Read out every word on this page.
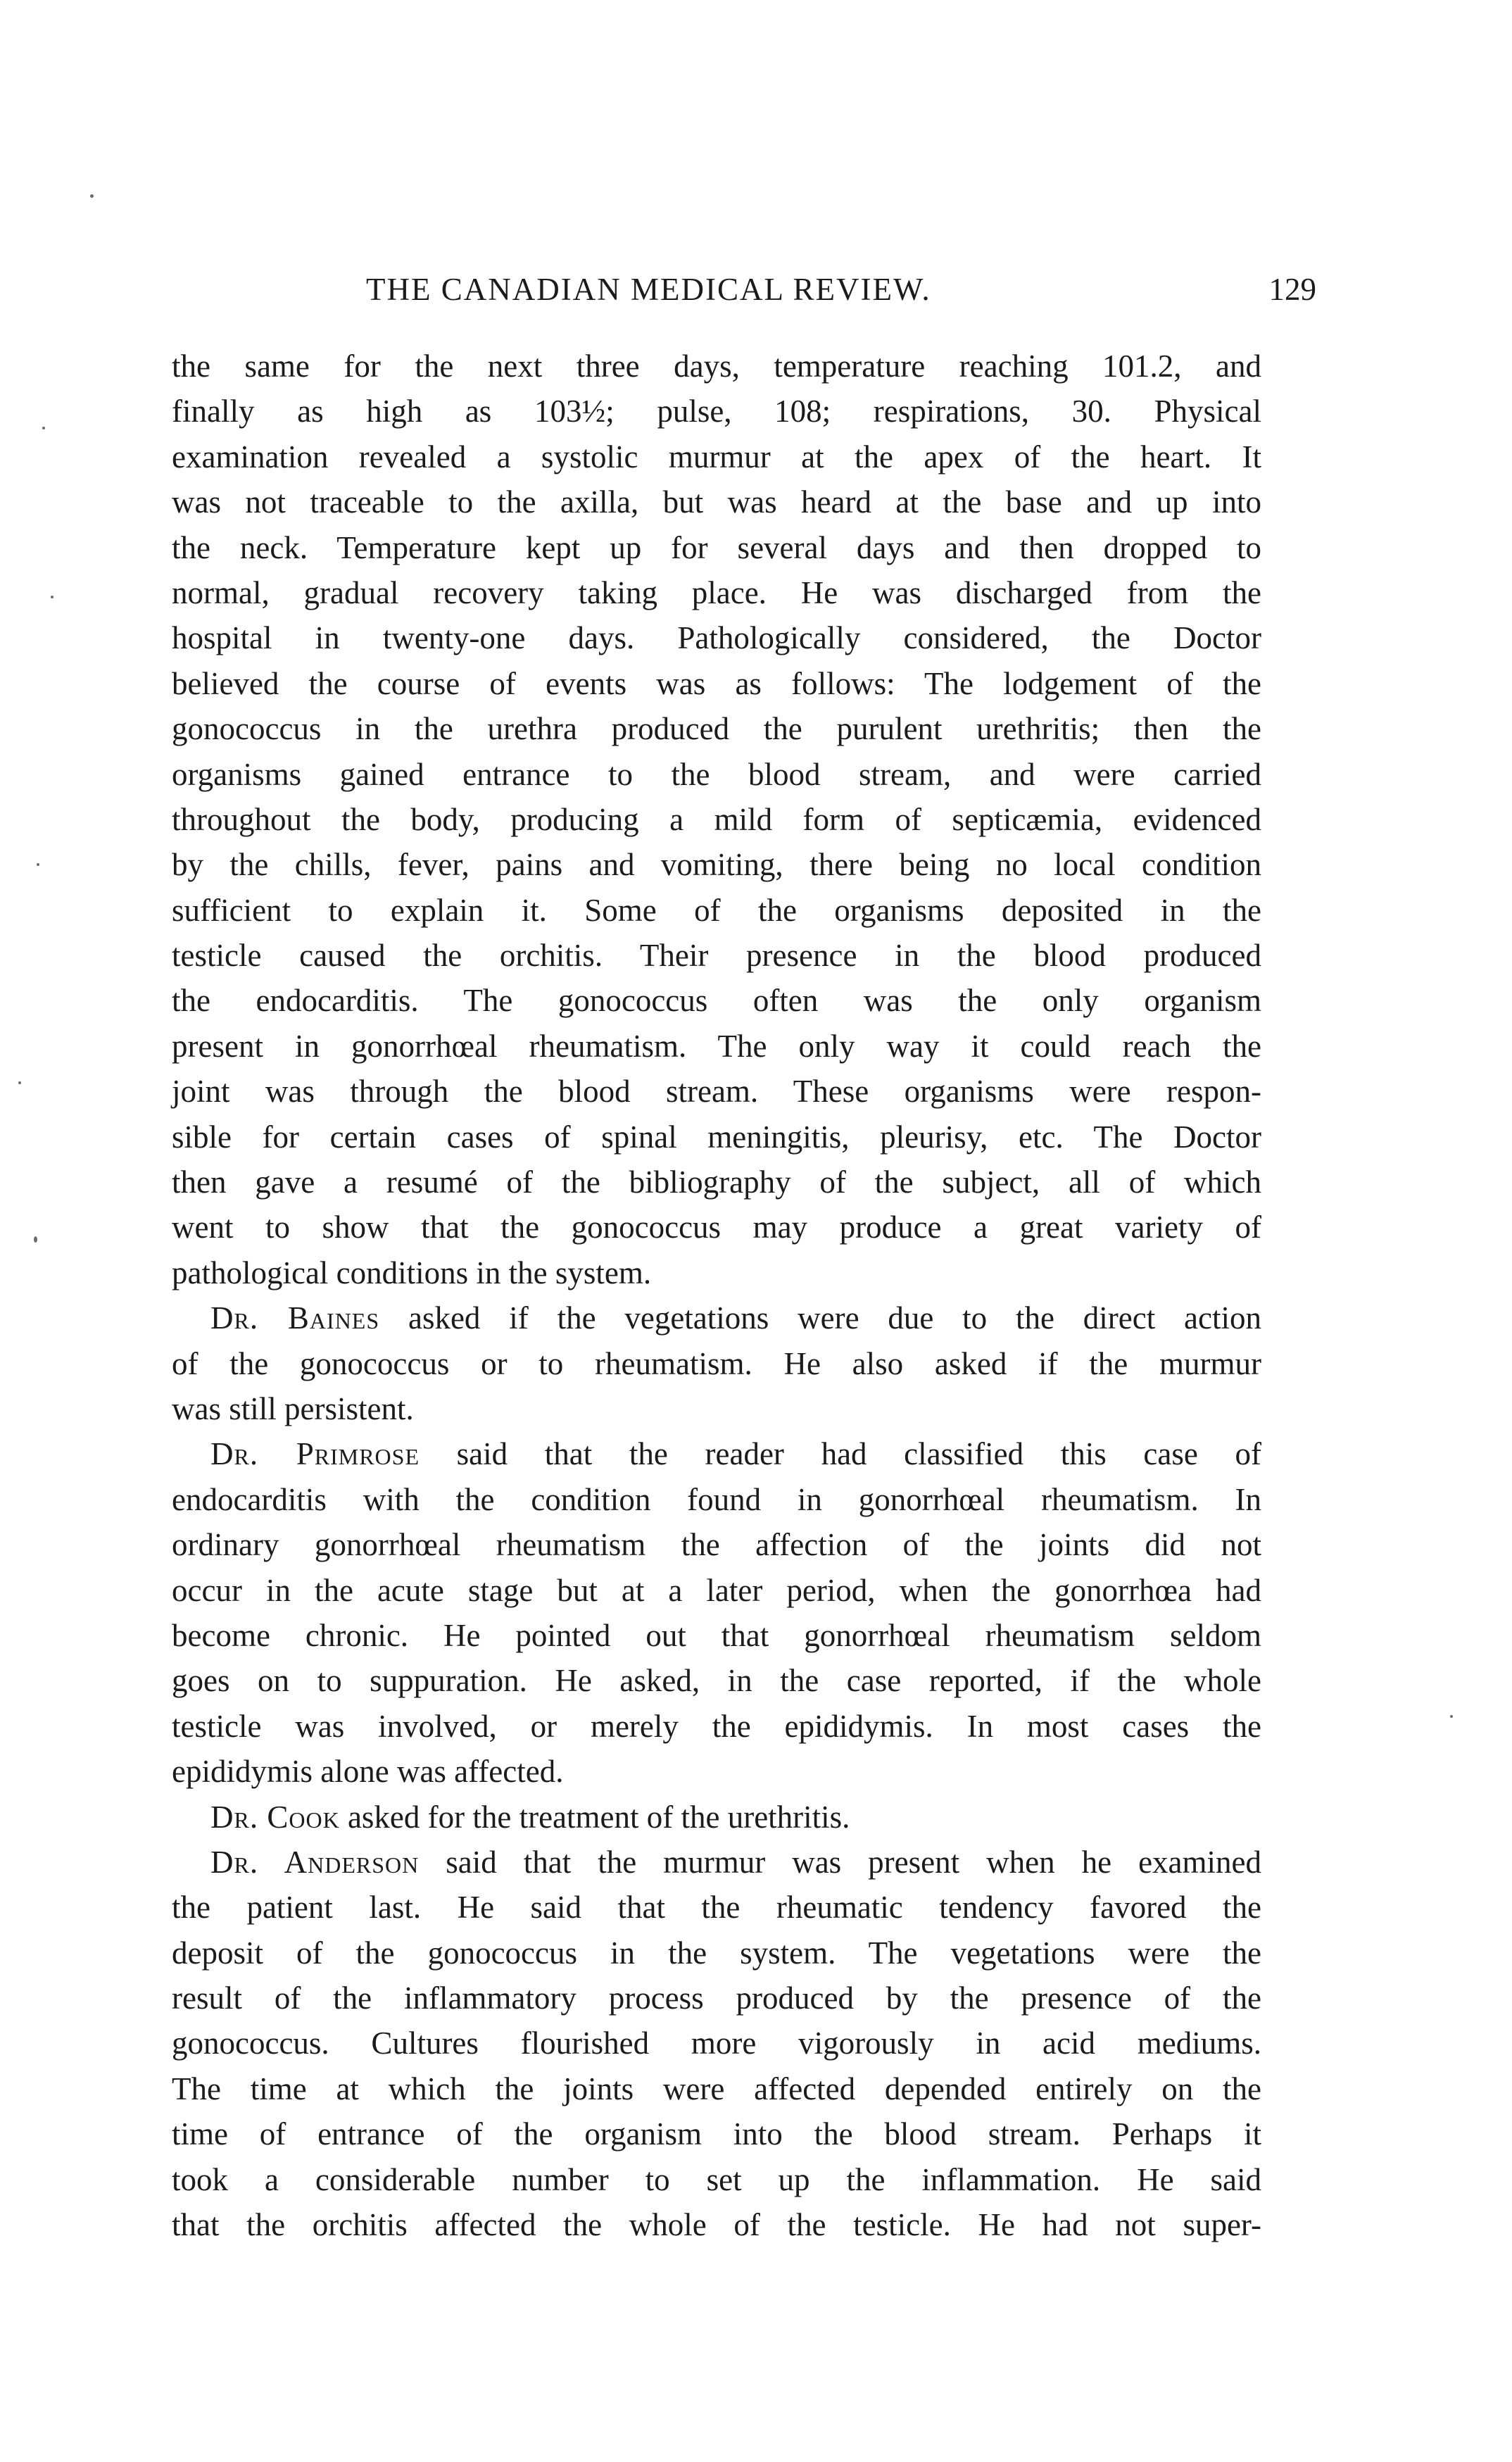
THE CANADIAN MEDICAL REVIEW.	129
the same for the next three days, temperature reaching 101.2, and
finally as high as 103½; pulse, 108; respirations, 30. Physical
examination revealed a systolic murmur at the apex of the heart. It
was not traceable to the axilla, but was heard at the base and up into
the neck. Temperature kept up for several days and then dropped to
normal, gradual recovery taking place. He was discharged from the
hospital in twenty-one days. Pathologically considered, the Doctor
believed the course of events was as follows: The lodgement of the
gonococcus in the urethra produced the purulent urethritis; then the
organisms gained entrance to the blood stream, and were carried
throughout the body, producing a mild form of septicæmia, evidenced
by the chills, fever, pains and vomiting, there being no local condition
sufficient to explain it. Some of the organisms deposited in the
testicle caused the orchitis. Their presence in the blood produced
the endocarditis. The gonococcus often was the only organism
present in gonorrhœal rheumatism. The only way it could reach the
joint was through the blood stream. These organisms were respon-
sible for certain cases of spinal meningitis, pleurisy, etc. The Doctor
then gave a resumé of the bibliography of the subject, all of which
went to show that the gonococcus may produce a great variety of
pathological conditions in the system.
Dr. Baines asked if the vegetations were due to the direct action
of the gonococcus or to rheumatism. He also asked if the murmur
was still persistent.
Dr. Primrose said that the reader had classified this case of
endocarditis with the condition found in gonorrhœal rheumatism. In
ordinary gonorrhœal rheumatism the affection of the joints did not
occur in the acute stage but at a later period, when the gonorrhœa had
become chronic. He pointed out that gonorrhœal rheumatism seldom
goes on to suppuration. He asked, in the case reported, if the whole
testicle was involved, or merely the epididymis. In most cases the
epididymis alone was affected.
Dr. Cook asked for the treatment of the urethritis.
Dr. Anderson said that the murmur was present when he examined
the patient last. He said that the rheumatic tendency favored the
deposit of the gonococcus in the system. The vegetations were the
result of the inflammatory process produced by the presence of the
gonococcus. Cultures flourished more vigorously in acid mediums.
The time at which the joints were affected depended entirely on the
time of entrance of the organism into the blood stream. Perhaps it
took a considerable number to set up the inflammation. He said
that the orchitis affected the whole of the testicle. He had not super-
